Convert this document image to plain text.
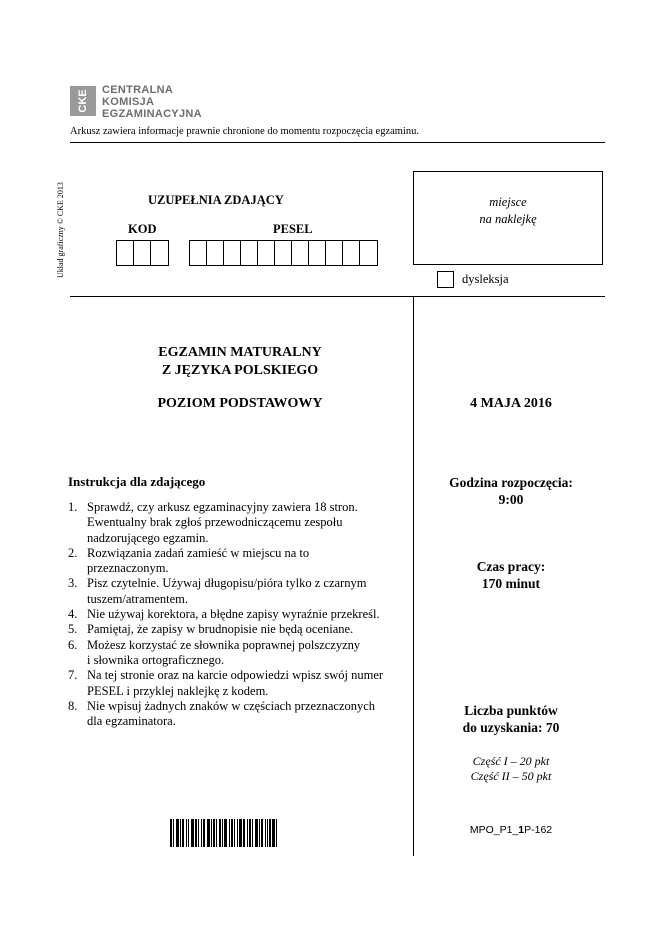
CKE CENTRALNA
KOMISJA
EGZAMINACYJNA
Arkusz zawiera informacje prawnie chronione do momentu rozpoczęcia egzaminu.
Układ graficzny © CKE 2013	UZUPEŁNIA ZDAJĄCY
KOD	PESEL
miejsce
na naklejkę
dysleksja
EGZAMIN MATURALNY
Z JĘZYKA POLSKIEGO
POZIOM PODSTAWOWY	4 MAJA 2016
Instrukcja dla zdającego
1. Sprawdź, czy arkusz egzaminacyjny zawiera 18 stron.
Ewentualny brak zgłoś przewodniczącemu zespołu
nadzorującego egzamin.
2. Rozwiązania zadań zamieść w miejscu na to
przeznaczonym.
3. Pisz czytelnie. Używaj długopisu/pióra tylko z czarnym
tuszem/atramentem.
4. Nie używaj korektora, a błędne zapisy wyraźnie przekreśl.
5. Pamiętaj, że zapisy w brudnopisie nie będą oceniane.
6. Możesz korzystać ze słownika poprawnej polszczyzny
i słownika ortograficznego.
7. Na tej stronie oraz na karcie odpowiedzi wpisz swój numer
PESEL i przyklej naklejkę z kodem.
8. Nie wpisuj żadnych znaków w częściach przeznaczonych
dla egzaminatora.
Godzina rozpoczęcia:
9:00
Czas pracy:
170 minut
Liczba punktów
do uzyskania: 70
Część I – 20 pkt
Część II – 50 pkt
MPO_P1_1P-162
